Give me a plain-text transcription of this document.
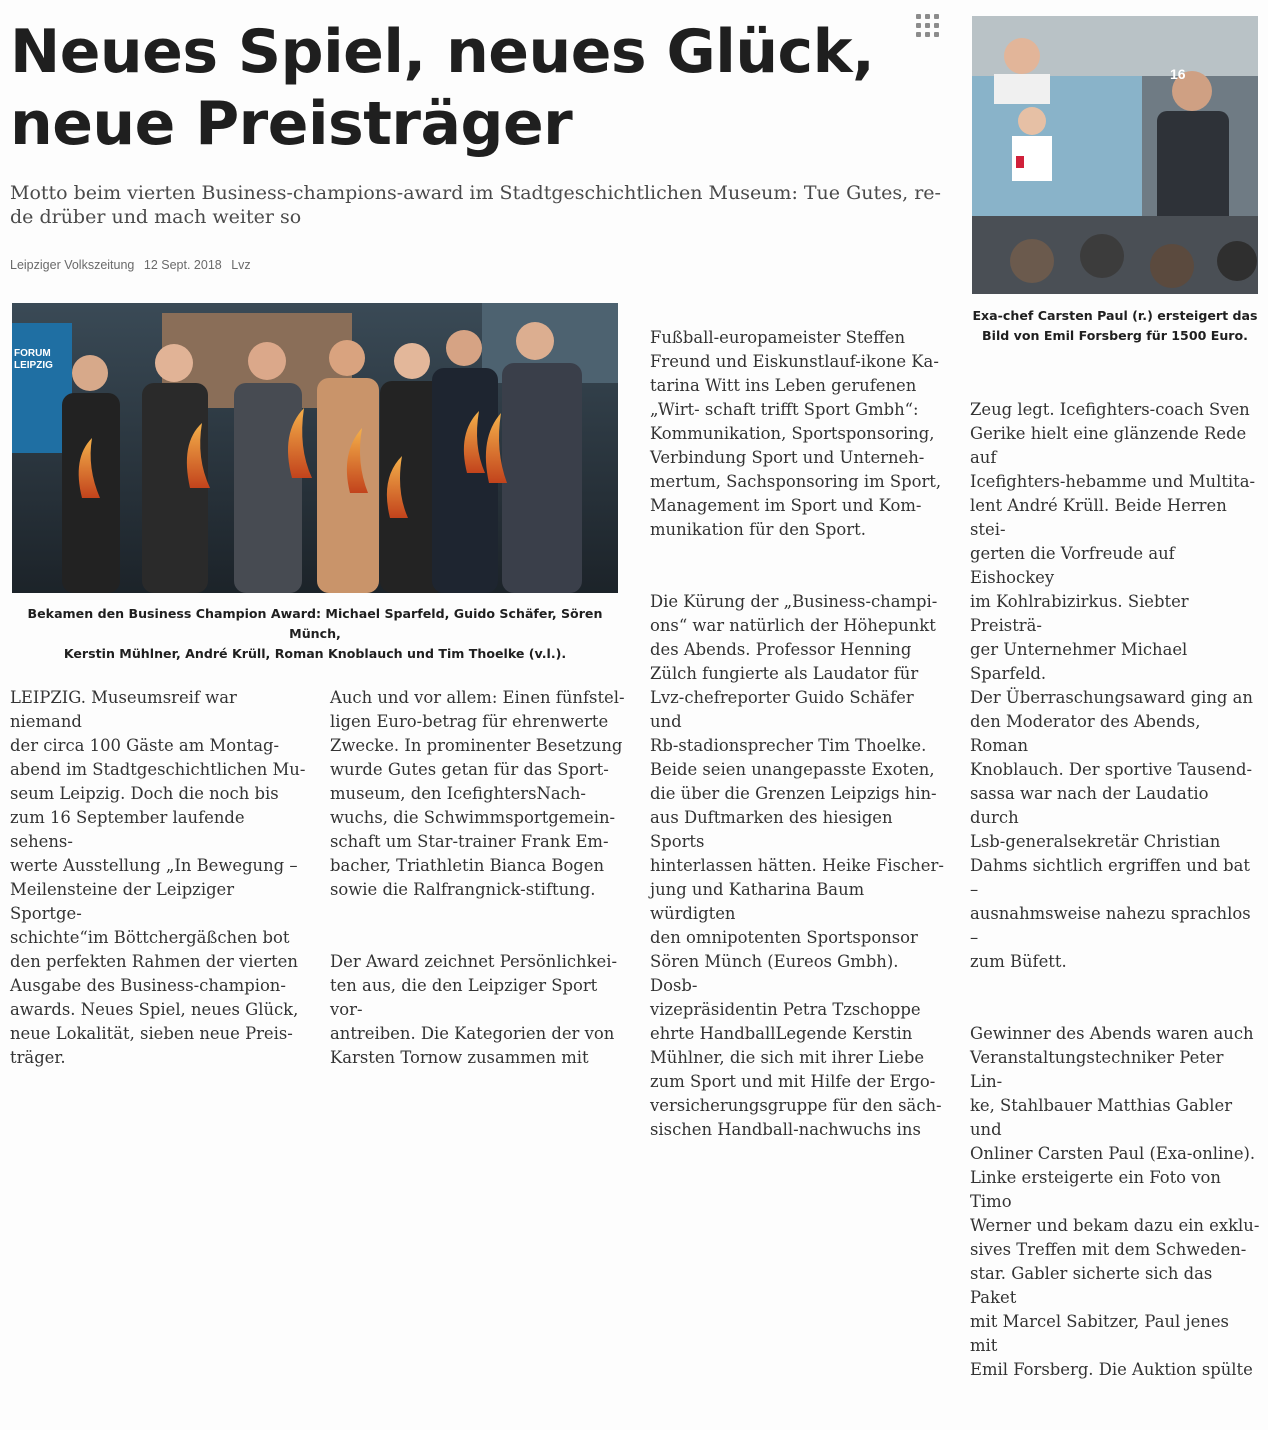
Neues Spiel, neues Glück,
neue Preisträger

Motto beim vierten Business-champions-award im Stadtgeschichtlichen Museum: Tue Gutes, re-
de drüber und mach weiter so

Leipziger Volkszeitung 12 Sept. 2018 Lvz
FORUM
LEIPZIG
Bekamen den Business Champion Award: Michael Sparfeld, Guido Schäfer, Sören Münch,
Kerstin Mühlner, André Krüll, Roman Knoblauch und Tim Thoelke (v.l.).
16
Exa-chef Carsten Paul (r.) ersteigert das
Bild von Emil Forsberg für 1500 Euro.

LEIPZIG. Museumsreif war niemand
der circa 100 Gäste am Montag-
abend im Stadtgeschichtlichen Mu-
seum Leipzig. Doch die noch bis
zum 16 September laufende sehens-
werte Ausstellung „In Bewegung –
Meilensteine der Leipziger Sportge-
schichte“im Böttchergäßchen bot
den perfekten Rahmen der vierten
Ausgabe des Business-champion-
awards. Neues Spiel, neues Glück,
neue Lokalität, sieben neue Preis-
träger.

Auch und vor allem: Einen fünfstel-
ligen Euro-betrag für ehrenwerte
Zwecke. In prominenter Besetzung
wurde Gutes getan für das Sport-
museum, den IcefightersNach-
wuchs, die Schwimmsportgemein-
schaft um Star-trainer Frank Em-
bacher, Triathletin Bianca Bogen
sowie die Ralfrangnick-stiftung.

Der Award zeichnet Persönlichkei-
ten aus, die den Leipziger Sport vor-
antreiben. Die Kategorien der von
Karsten Tornow zusammen mit

Fußball-europameister Steffen
Freund und Eiskunstlauf-ikone Ka-
tarina Witt ins Leben gerufenen
„Wirt- schaft trifft Sport Gmbh“:
Kommunikation, Sportsponsoring,
Verbindung Sport und Unterneh-
mertum, Sachsponsoring im Sport,
Management im Sport und Kom-
munikation für den Sport.

Die Kürung der „Business-champi-
ons“ war natürlich der Höhepunkt
des Abends. Professor Henning
Zülch fungierte als Laudator für
Lvz-chefreporter Guido Schäfer und
Rb-stadionsprecher Tim Thoelke.
Beide seien unangepasste Exoten,
die über die Grenzen Leipzigs hin-
aus Duftmarken des hiesigen Sports
hinterlassen hätten. Heike Fischer-
jung und Katharina Baum würdigten
den omnipotenten Sportsponsor
Sören Münch (Eureos Gmbh). Dosb-
vizepräsidentin Petra Tzschoppe
ehrte HandballLegende Kerstin
Mühlner, die sich mit ihrer Liebe
zum Sport und mit Hilfe der Ergo-
versicherungsgruppe für den säch-
sischen Handball-nachwuchs ins

Zeug legt. Icefighters-coach Sven
Gerike hielt eine glänzende Rede auf
Icefighters-hebamme und Multita-
lent André Krüll. Beide Herren stei-
gerten die Vorfreude auf Eishockey
im Kohlrabizirkus. Siebter Preisträ-
ger Unternehmer Michael Sparfeld.
Der Überraschungsaward ging an
den Moderator des Abends, Roman
Knoblauch. Der sportive Tausend-
sassa war nach der Laudatio durch
Lsb-generalsekretär Christian
Dahms sichtlich ergriffen und bat –
ausnahmsweise nahezu sprachlos –
zum Büfett.

Gewinner des Abends waren auch
Veranstaltungstechniker Peter Lin-
ke, Stahlbauer Matthias Gabler und
Onliner Carsten Paul (Exa-online).
Linke ersteigerte ein Foto von Timo
Werner und bekam dazu ein exklu-
sives Treffen mit dem Schweden-
star. Gabler sicherte sich das Paket
mit Marcel Sabitzer, Paul jenes mit
Emil Forsberg. Die Auktion spülte
